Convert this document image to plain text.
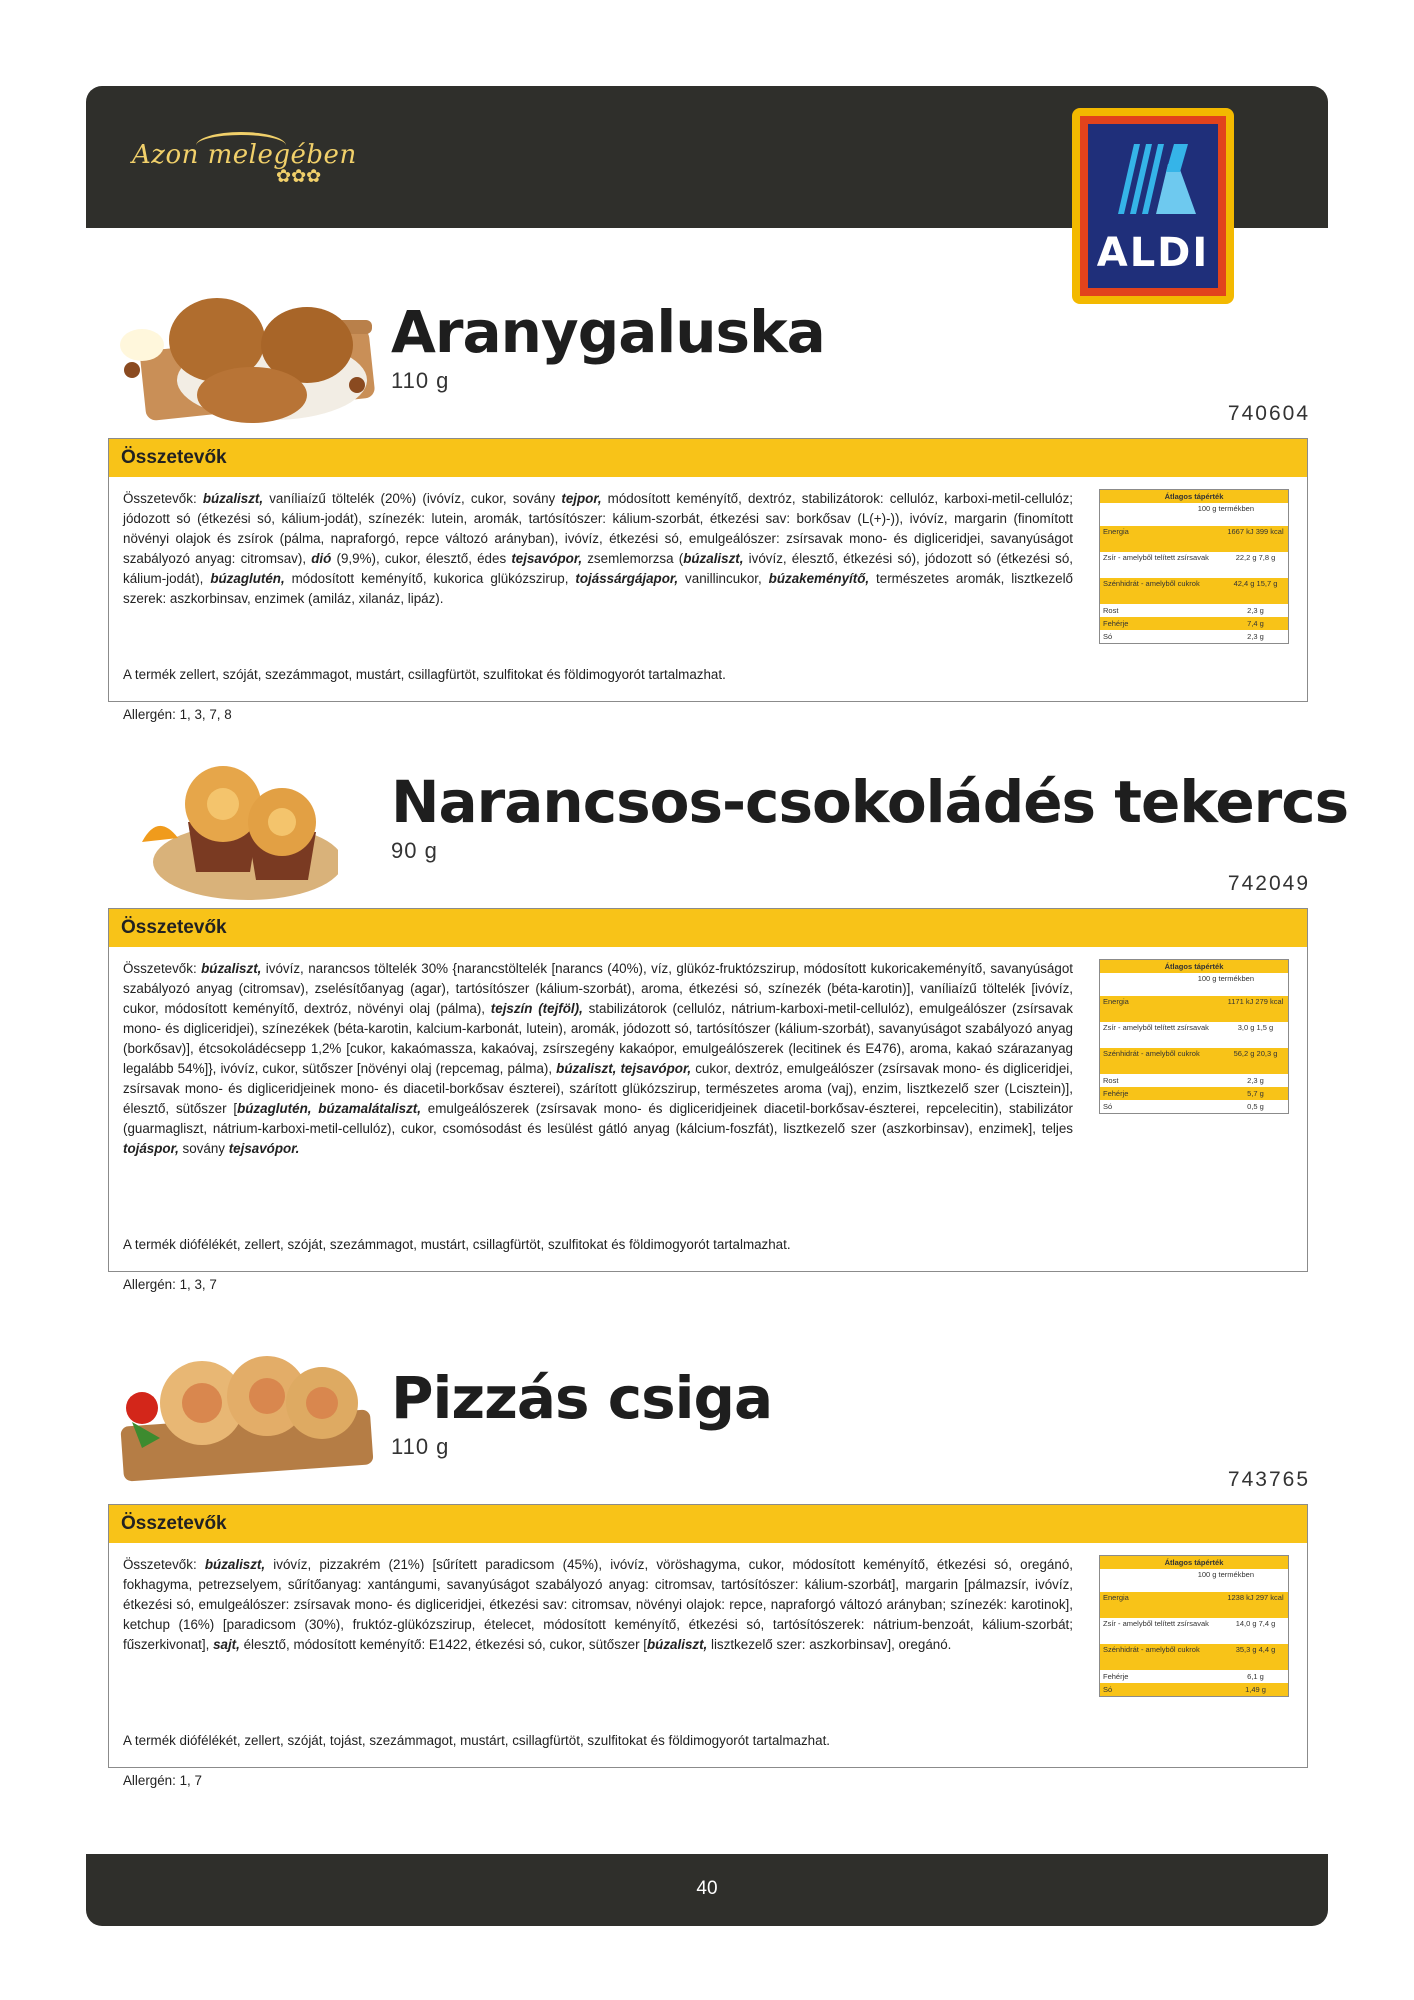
Azon melegében
✿✿✿
ALDI
Aranygaluska
110 g
740604
Összetevők
Összetevők: búzaliszt, vaníliaízű töltelék (20%) (ivóvíz, cukor, sovány tejpor, módosított keményítő, dextróz, stabilizátorok: cellulóz, karboxi-metil-cellulóz; jódozott só (étkezési só, kálium-jodát), színezék: lutein, aromák, tartósítószer: kálium-szorbát, étkezési sav: borkősav (L(+)-)), ivóvíz, margarin (finomított növényi olajok és zsírok (pálma, napraforgó, repce változó arányban), ivóvíz, étkezési só, emulgeálószer: zsírsavak mono- és digliceridjei, savanyúságot szabályozó anyag: citromsav), dió (9,9%), cukor, élesztő, édes tejsavópor, zsemlemorzsa (búzaliszt, ivóvíz, élesztő, étkezési só), jódozott só (étkezési só, kálium-jodát), búzaglutén, módosított keményítő, kukorica glükózszirup, tojássárgájapor, vanillincukor, búzakeményítő, természetes aromák, lisztkezelő szerek: aszkorbinsav, enzimek (amiláz, xilanáz, lipáz).
A termék zellert, szóját, szezámmagot, mustárt, csillagfürtöt, szulfitokat és földimogyorót tartalmazhat.
Allergén: 1, 3, 7, 8
Átlagos tápérték
100 g termékben
Energia	1667 kJ 399 kcal
Zsír - amelyből telített zsírsavak	22,2 g 7,8 g
Szénhidrát - amelyből cukrok	42,4 g 15,7 g
Rost	2,3 g
Fehérje	7,4 g
Só	2,3 g
Narancsos-csokoládés tekercs
90 g
742049
Összetevők
Összetevők: búzaliszt, ivóvíz, narancsos töltelék 30% {narancstöltelék [narancs (40%), víz, glükóz-fruktózszirup, módosított kukoricakeményítő, savanyúságot szabályozó anyag (citromsav), zselésítőanyag (agar), tartósítószer (kálium-szorbát), aroma, étkezési só, színezék (béta-karotin)], vaníliaízű töltelék [ivóvíz, cukor, módosított keményítő, dextróz, növényi olaj (pálma), tejszín (tejföl), stabilizátorok (cellulóz, nátrium-karboxi-metil-cellulóz), emulgeálószer (zsírsavak mono- és digliceridjei), színezékek (béta-karotin, kalcium-karbonát, lutein), aromák, jódozott só, tartósítószer (kálium-szorbát), savanyúságot szabályozó anyag (borkősav)], étcsokoládécsepp 1,2% [cukor, kakaómassza, kakaóvaj, zsírszegény kakaópor, emulgeálószerek (lecitinek és E476), aroma, kakaó szárazanyag legalább 54%]}, ivóvíz, cukor, sütőszer [növényi olaj (repcemag, pálma), búzaliszt, tejsavópor, cukor, dextróz, emulgeálószer (zsírsavak mono- és digliceridjei, zsírsavak mono- és digliceridjeinek mono- és diacetil-borkősav észterei), szárított glükózszirup, természetes aroma (vaj), enzim, lisztkezelő szer (Lcisztein)], élesztő, sütőszer [búzaglutén, búzamalátaliszt, emulgeálószerek (zsírsavak mono- és digliceridjeinek diacetil-borkősav-észterei, repcelecitin), stabilizátor (guarmagliszt, nátrium-karboxi-metil-cellulóz), cukor, csomósodást és lesülést gátló anyag (kálcium-foszfát), lisztkezelő szer (aszkorbinsav), enzimek], teljes tojáspor, sovány tejsavópor.
A termék diófélékét, zellert, szóját, szezámmagot, mustárt, csillagfürtöt, szulfitokat és földimogyorót tartalmazhat.
Allergén: 1, 3, 7
Átlagos tápérték
100 g termékben
Energia	1171 kJ 279 kcal
Zsír - amelyből telített zsírsavak	3,0 g 1,5 g
Szénhidrát - amelyből cukrok	56,2 g 20,3 g
Rost	2,3 g
Fehérje	5,7 g
Só	0,5 g
Pizzás csiga
110 g
743765
Összetevők
Összetevők: búzaliszt, ivóvíz, pizzakrém (21%) [sűrített paradicsom (45%), ivóvíz, vöröshagyma, cukor, módosított keményítő, étkezési só, oregánó, fokhagyma, petrezselyem, sűrítőanyag: xantángumi, savanyúságot szabályozó anyag: citromsav, tartósítószer: kálium-szorbát], margarin [pálmazsír, ivóvíz, étkezési só, emulgeálószer: zsírsavak mono- és digliceridjei, étkezési sav: citromsav, növényi olajok: repce, napraforgó változó arányban; színezék: karotinok], ketchup (16%) [paradicsom (30%), fruktóz-glükózszirup, ételecet, módosított keményítő, étkezési só, tartósítószerek: nátrium-benzoát, kálium-szorbát; fűszerkivonat], sajt, élesztő, módosított keményítő: E1422, étkezési só, cukor, sütőszer [búzaliszt, lisztkezelő szer: aszkorbinsav], oregánó.
A termék diófélékét, zellert, szóját, tojást, szezámmagot, mustárt, csillagfürtöt, szulfitokat és földimogyorót tartalmazhat.
Allergén: 1, 7
Átlagos tápérték
100 g termékben
Energia	1238 kJ 297 kcal
Zsír - amelyből telített zsírsavak	14,0 g 7,4 g
Szénhidrát - amelyből cukrok	35,3 g 4,4 g
Fehérje	6,1 g
Só	1,49 g
40
